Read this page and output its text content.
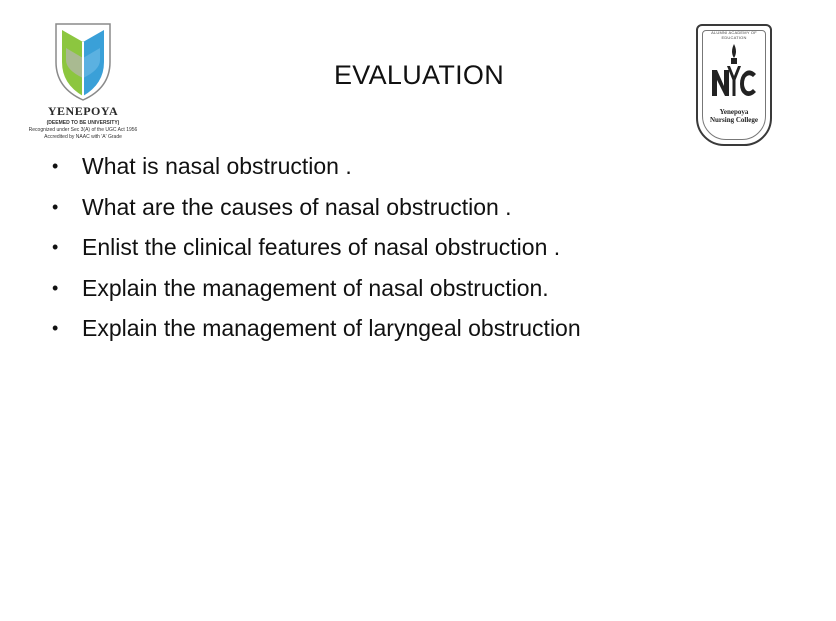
YENEPOYA
(DEEMED TO BE UNIVERSITY)
Recognized under Sec 3(A) of the UGC Act 1956
Accredited by NAAC with 'A' Grade
ALUMNI ACADEMY OF EDUCATION
Yenepoya
Nursing College
EVALUATION
•	What is nasal obstruction .
•	What are the causes of nasal obstruction .
•	Enlist the clinical features of nasal obstruction .
•	Explain the management of nasal obstruction.
•	Explain the management of laryngeal obstruction
